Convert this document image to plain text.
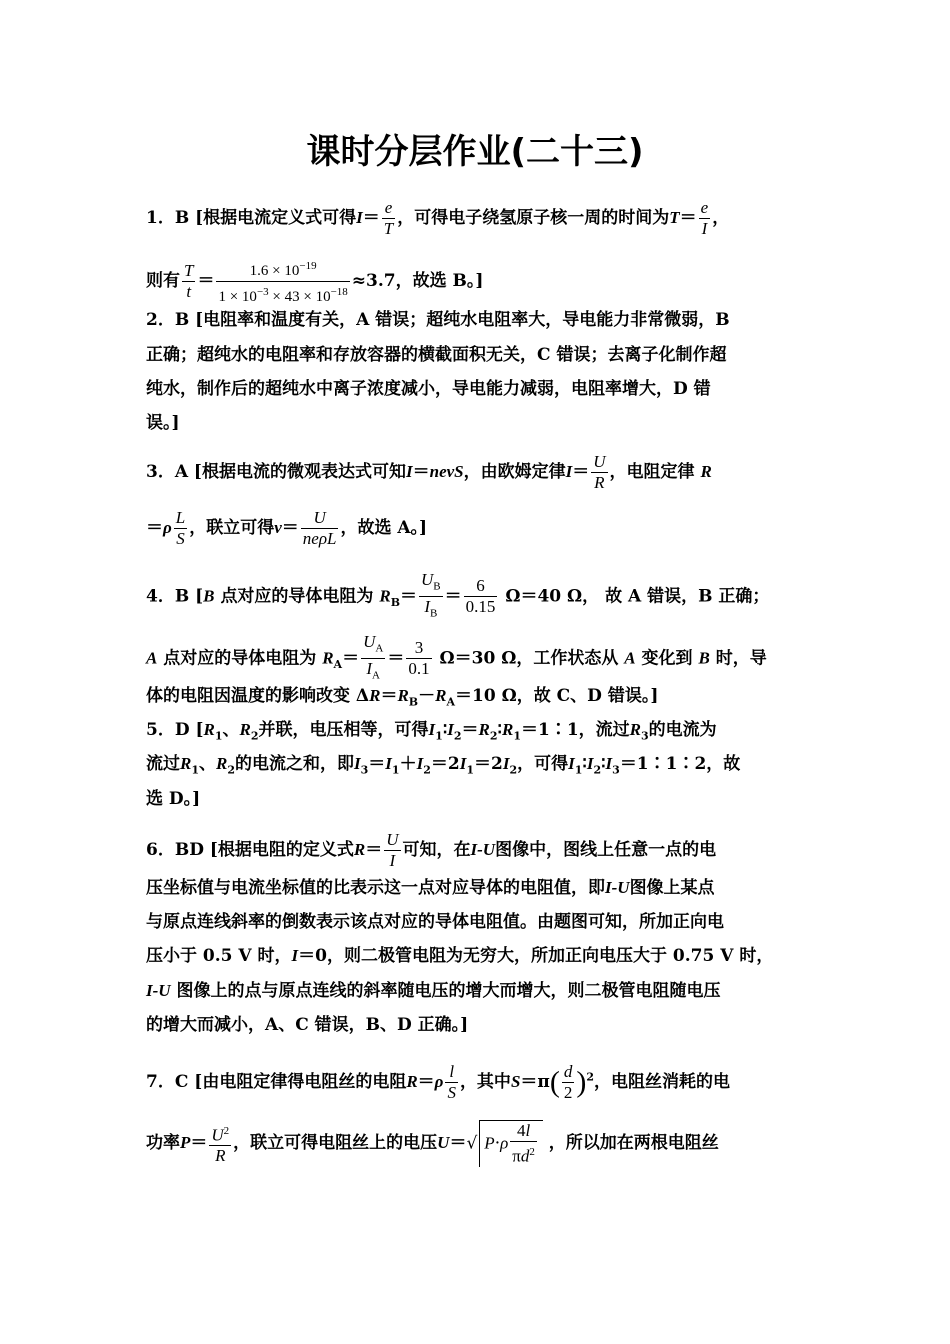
课时分层作业(二十三)
1．B [根据电流定义式可得$I= \frac{e}{T}$ ，可得电子绕氢原子核一周的时间为$T= \frac{e}{I}$ ，
则有 $\frac{T}{t} = \frac{1.6 \times 10^{-19}}{1 \times 10^{-3} \times 43 \times 10^{-18}} \approx 3.7$，故选 B。]
2．B [电阻率和温度有关，A 错误；超纯水电阻率大，导电能力非常微弱，B
正确；超纯水的电阻率和存放容器的横截面积无关，C 错误；去离子化制作超
纯水，制作后的超纯水中离子浓度减小，导电能力减弱，电阻率增大，D 错
误。]
3．A [根据电流的微观表达式可知I＝nevS，由欧姆定律$I= \frac{U}{R}$ ，电阻定律 R
$=\rho \frac{L}{S}$ ，联立可得$v= \frac{U}{\text{neρL}}$ ，故选 A。]
4．B [B 点对应的导体电阻为 $R_B= \frac{U_B}{I_B} = \frac{6}{0.15} \Omega=40$ Ω， 故 A 错误，B 正确；
A 点对应的导体电阻为 $R_A= \frac{U_A}{I_A} = \frac{3}{0.1} \Omega=30$ Ω，工作状态从 A 变化到 B 时，导
体的电阻因温度的影响改变 $\Delta R=R_B-R_A=10$ Ω，故 C、D 错误。]
5．D [$R_1$、$R_2$并联，电压相等，可得$I_1∶I_2=R_2∶R_1=1∶1$，流过$R_3$的电流为
流过$R_1$、$R_2$的电流之和，即$I_3=I_1+I_2=2I_1=2I_2$，可得$I_1∶I_2∶I_3=1∶1∶2$，故
选 D。]
6．BD [根据电阻的定义式$R= \frac{U}{I}$ 可知，在I-U图像中，图线上任意一点的电
压坐标值与电流坐标值的比表示这一点对应导体的电阻值，即I-U图像上某点
与原点连线斜率的倒数表示该点对应的导体电阻值。由题图可知，所加正向电
压小于 0.5 V 时，I＝0，则二极管电阻为无穷大，所加正向电压大于 0.75 V 时，
I-U 图像上的点与原点连线的斜率随电压的增大而增大，则二极管电阻随电压
的增大而减小，A、C 错误，B、D 正确。]
7．C [由电阻定律得电阻丝的电阻$R=\rho \frac{l}{S}$ ，其中$S=\pi( \frac{d}{2} )^2$，电阻丝消耗的电
功率$P= \frac{U^2}{R}$ ，联立可得电阻丝上的电压U＝√ $P\cdot\rho \frac{4l}{\pi d^2}$ ，所以加在两根电阻丝
